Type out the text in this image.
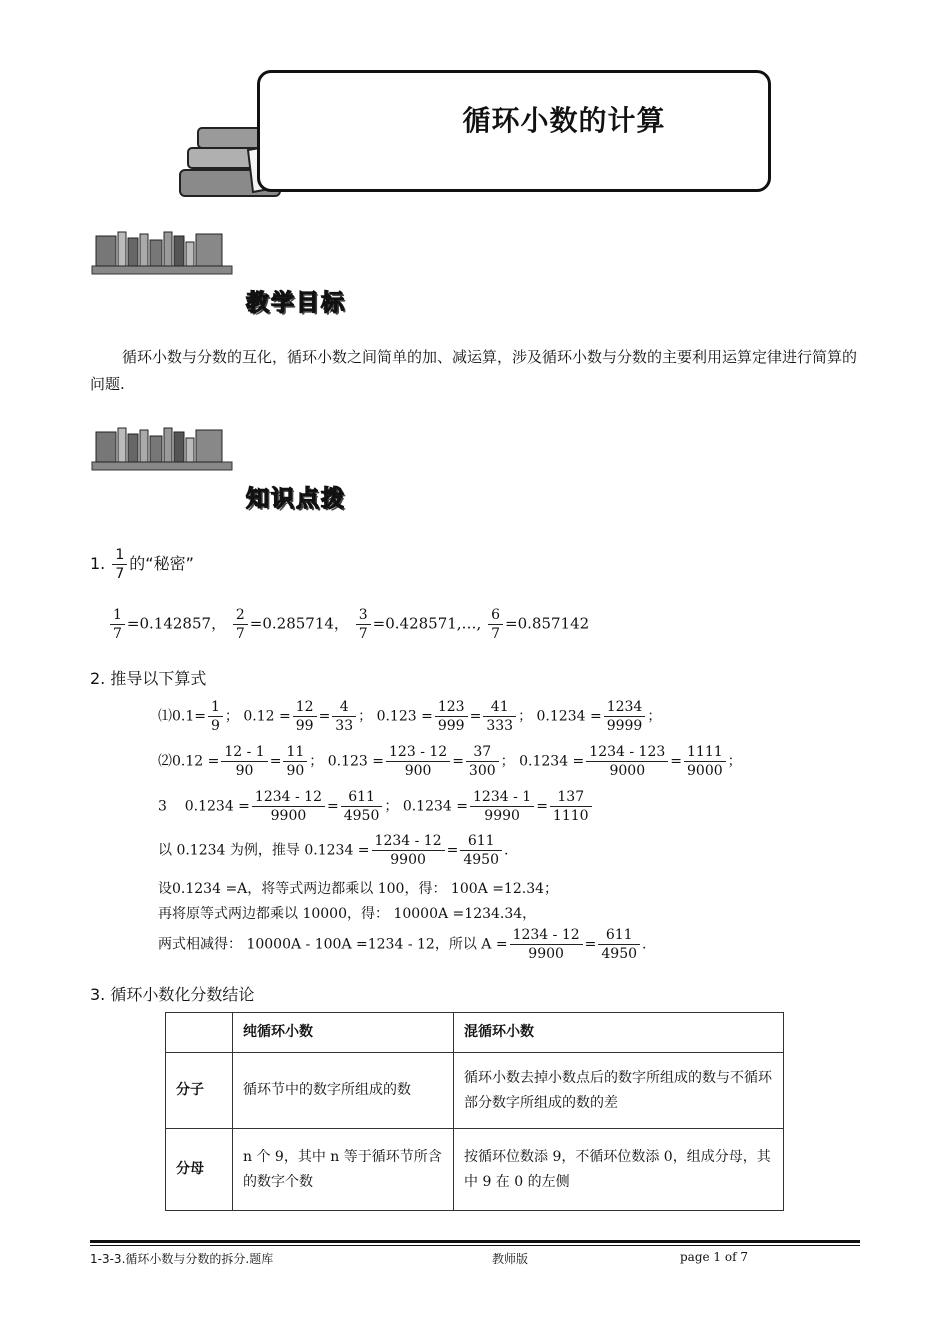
循环小数的计算
教学目标
循环小数与分数的互化，循环小数之间简单的加、减运算，涉及循环小数与分数的主要利用运算定律进行简算的问题.
知识点拨
1. $\frac{1}{7}$ 的“秘密”
$\frac{1}{7} =0.142857$， $\frac{2}{7} =0.285714$， $\frac{3}{7}$ =0.428571,…, $\frac{6}{7} =0.857142$
2. 推导以下算式
⑴0.1= $\frac{1}{9}$ ； $0.12 = \frac{12}{99} = \frac{4}{33}$ ； $0.123 = \frac{123}{999} = \frac{41}{333}$ ； $0.1234 = \frac{1234}{9999}$ ；
⑵0.12 = $\frac{12 - 1}{90} = \frac{11}{90}$ ； $0.123 = \frac{123 - 12}{900} = \frac{37}{300}$ ； $0.1234 = \frac{1234 - 123}{9000} = \frac{1111}{9000}$ ；
3 $0.1234 = \frac{1234 - 12}{9900} = \frac{611}{4950}$ ； $0.1234 = \frac{1234 - 1}{9990} = \frac{137}{1110}$
以 0.1234 为例，推导 $0.1234 = \frac{1234 - 12}{9900} = \frac{611}{4950}$ .
设0.1234 =A，将等式两边都乘以 100，得： 100A =12.34；
再将原等式两边都乘以 10000，得： 10000A =1234.34，
两式相减得： 10000A - 100A =1234 - 12，所以 $A = \frac{1234 - 12}{9900} = \frac{611}{4950}$ .
3. 循环小数化分数结论
	纯循环小数	混循环小数
分子	循环节中的数字所组成的数	循环小数去掉小数点后的数字所组成的数与不循环部分数字所组成的数的差
分母	n 个 9，其中 n 等于循环节所含的数字个数	按循环位数添 9，不循环位数添 0，组成分母，其中 9 在 0 的左侧
1-3-3.循环小数与分数的拆分.题库	教师版	page 1 of 7
